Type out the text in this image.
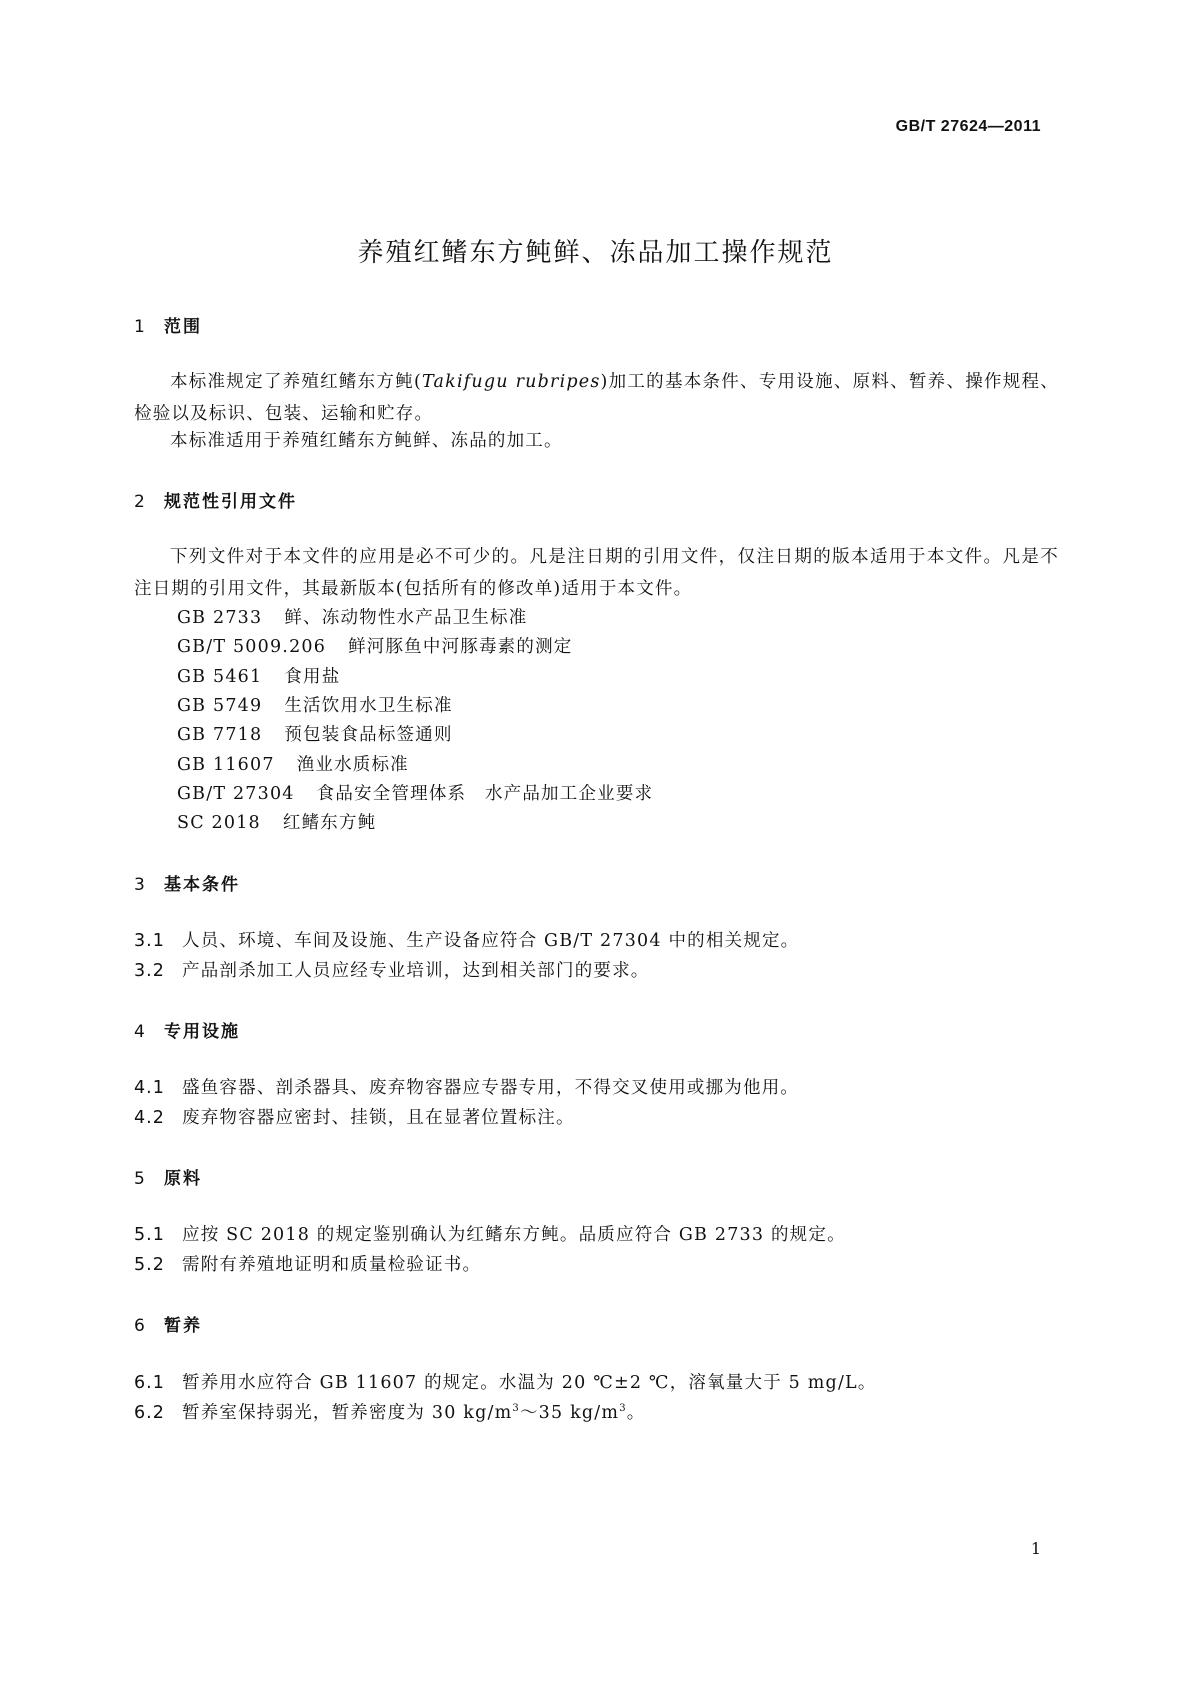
GB/T 27624—2011
养殖红鳍东方鲀鲜、冻品加工操作规范
1 范围
本标准规定了养殖红鳍东方鲀(Takifugu rubripes)加工的基本条件、专用设施、原料、暂养、操作规程、检验以及标识、包装、运输和贮存。
本标准适用于养殖红鳍东方鲀鲜、冻品的加工。
2 规范性引用文件
下列文件对于本文件的应用是必不可少的。凡是注日期的引用文件，仅注日期的版本适用于本文件。凡是不注日期的引用文件，其最新版本(包括所有的修改单)适用于本文件。
GB 2733 鲜、冻动物性水产品卫生标准
GB/T 5009.206 鲜河豚鱼中河豚毒素的测定
GB 5461 食用盐
GB 5749 生活饮用水卫生标准
GB 7718 预包装食品标签通则
GB 11607 渔业水质标准
GB/T 27304 食品安全管理体系　水产品加工企业要求
SC 2018 红鳍东方鲀
3 基本条件
3.1 人员、环境、车间及设施、生产设备应符合 GB/T 27304 中的相关规定。
3.2 产品剖杀加工人员应经专业培训，达到相关部门的要求。
4 专用设施
4.1 盛鱼容器、剖杀器具、废弃物容器应专器专用，不得交叉使用或挪为他用。
4.2 废弃物容器应密封、挂锁，且在显著位置标注。
5 原料
5.1 应按 SC 2018 的规定鉴别确认为红鳍东方鲀。品质应符合 GB 2733 的规定。
5.2 需附有养殖地证明和质量检验证书。
6 暂养
6.1 暂养用水应符合 GB 11607 的规定。水温为 20 ℃±2 ℃，溶氧量大于 5 mg/L。
6.2 暂养室保持弱光，暂养密度为 30 $kg/m^3\sim 35$ $kg/m^3$。
1
